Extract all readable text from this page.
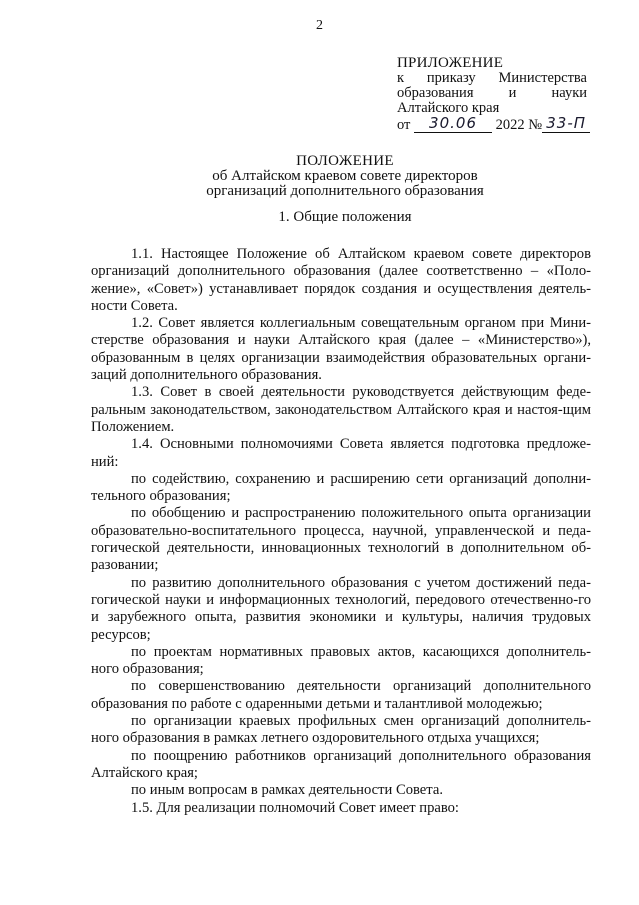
2
ПРИЛОЖЕНИЕ
к приказу Министерства
образования и науки
Алтайского края
от 30.06 2022 № 33-П
ПОЛОЖЕНИЕ
об Алтайском краевом совете директоров
организаций дополнительного образования
1. Общие положения

1.1. Настоящее Положение об Алтайском краевом совете директоров организаций дополнительного образования (далее соответственно – «Поло-жение», «Совет») устанавливает порядок создания и осуществления деятель-ности Совета.

1.2. Совет является коллегиальным совещательным органом при Мини-стерстве образования и науки Алтайского края (далее – «Министерство»), образованным в целях организации взаимодействия образовательных органи-заций дополнительного образования.

1.3. Совет в своей деятельности руководствуется действующим феде-ральным законодательством, законодательством Алтайского края и настоя-щим Положением.

1.4. Основными полномочиями Совета является подготовка предложе-ний:

по содействию, сохранению и расширению сети организаций дополни-тельного образования;

по обобщению и распространению положительного опыта организации образовательно-воспитательного процесса, научной, управленческой и педа-гогической деятельности, инновационных технологий в дополнительном об-разовании;

по развитию дополнительного образования с учетом достижений педа-гогической науки и информационных технологий, передового отечественно-го и зарубежного опыта, развития экономики и культуры, наличия трудовых ресурсов;

по проектам нормативных правовых актов, касающихся дополнитель-ного образования;

по совершенствованию деятельности организаций дополнительного образования по работе с одаренными детьми и талантливой молодежью;

по организации краевых профильных смен организаций дополнитель-ного образования в рамках летнего оздоровительного отдыха учащихся;

по поощрению работников организаций дополнительного образования Алтайского края;

по иным вопросам в рамках деятельности Совета.

1.5. Для реализации полномочий Совет имеет право:
